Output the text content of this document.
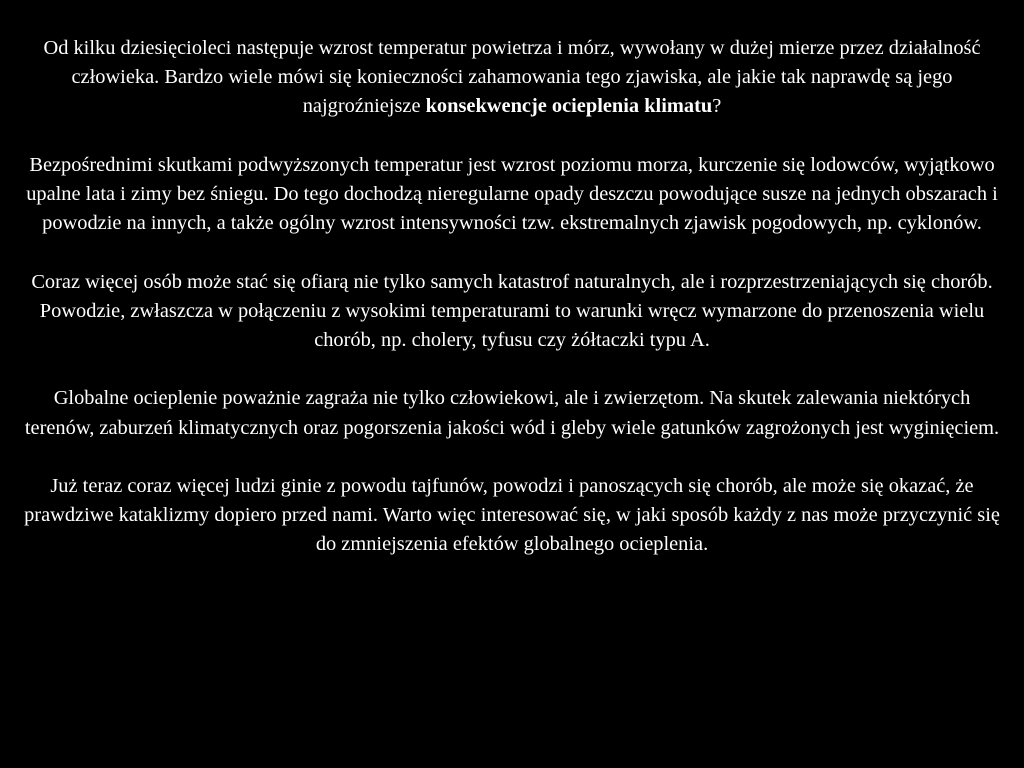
Od kilku dziesięcioleci następuje wzrost temperatur powietrza i mórz, wywołany w dużej mierze przez działalność człowieka. Bardzo wiele mówi się konieczności zahamowania tego zjawiska, ale jakie tak naprawdę są jego najgroźniejsze konsekwencje ocieplenia klimatu?

Bezpośrednimi skutkami podwyższonych temperatur jest wzrost poziomu morza, kurczenie się lodowców, wyjątkowo upalne lata i zimy bez śniegu. Do tego dochodzą nieregularne opady deszczu powodujące susze na jednych obszarach i powodzie na innych, a także ogólny wzrost intensywności tzw. ekstremalnych zjawisk pogodowych, np. cyklonów.

Coraz więcej osób może stać się ofiarą nie tylko samych katastrof naturalnych, ale i rozprzestrzeniających się chorób. Powodzie, zwłaszcza w połączeniu z wysokimi temperaturami to warunki wręcz wymarzone do przenoszenia wielu chorób, np. cholery, tyfusu czy żółtaczki typu A.

Globalne ocieplenie poważnie zagraża nie tylko człowiekowi, ale i zwierzętom. Na skutek zalewania niektórych terenów, zaburzeń klimatycznych oraz pogorszenia jakości wód i gleby wiele gatunków zagrożonych jest wyginięciem.

Już teraz coraz więcej ludzi ginie z powodu tajfunów, powodzi i panoszących się chorób, ale może się okazać, że prawdziwe kataklizmy dopiero przed nami. Warto więc interesować się, w jaki sposób każdy z nas może przyczynić się do zmniejszenia efektów globalnego ocieplenia.
